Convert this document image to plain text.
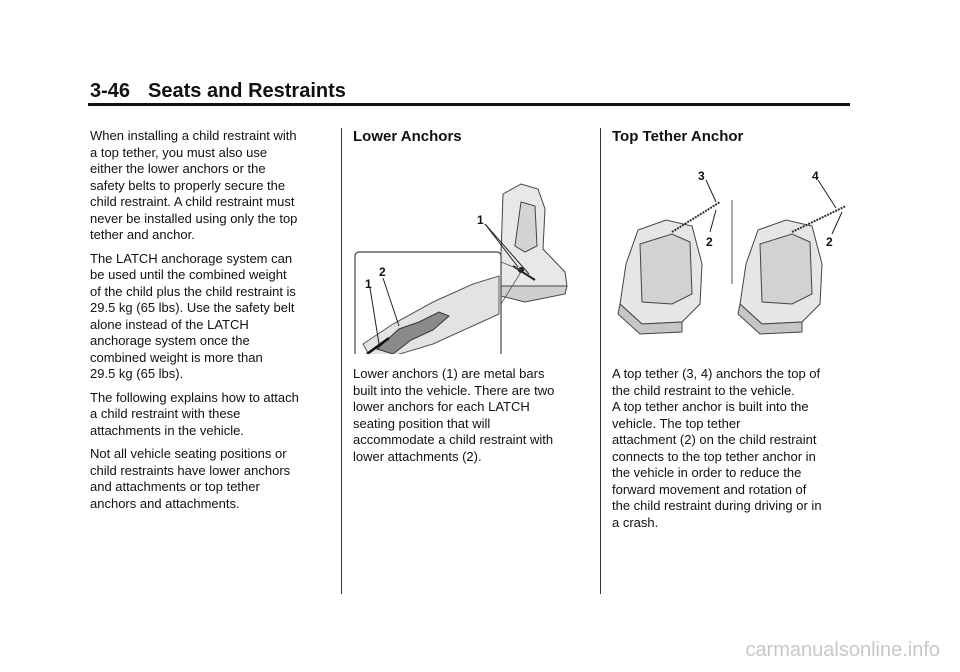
3-46 Seats and Restraints

When installing a child restraint with
a top tether, you must also use
either the lower anchors or the
safety belts to properly secure the
child restraint. A child restraint must
never be installed using only the top
tether and anchor.

The LATCH anchorage system can
be used until the combined weight
of the child plus the child restraint is
29.5 kg (65 lbs). Use the safety belt
alone instead of the LATCH
anchorage system once the
combined weight is more than
29.5 kg (65 lbs).

The following explains how to attach
a child restraint with these
attachments in the vehicle.

Not all vehicle seating positions or
child restraints have lower anchors
and attachments or top tether
anchors and attachments.

Lower Anchors
1
2
1

Lower anchors (1) are metal bars
built into the vehicle. There are two
lower anchors for each LATCH
seating position that will
accommodate a child restraint with
lower attachments (2).

Top Tether Anchor
3
2
4
2

A top tether (3, 4) anchors the top of
the child restraint to the vehicle.
A top tether anchor is built into the
vehicle. The top tether
attachment (2) on the child restraint
connects to the top tether anchor in
the vehicle in order to reduce the
forward movement and rotation of
the child restraint during driving or in
a crash.

carmanualsonline.info
